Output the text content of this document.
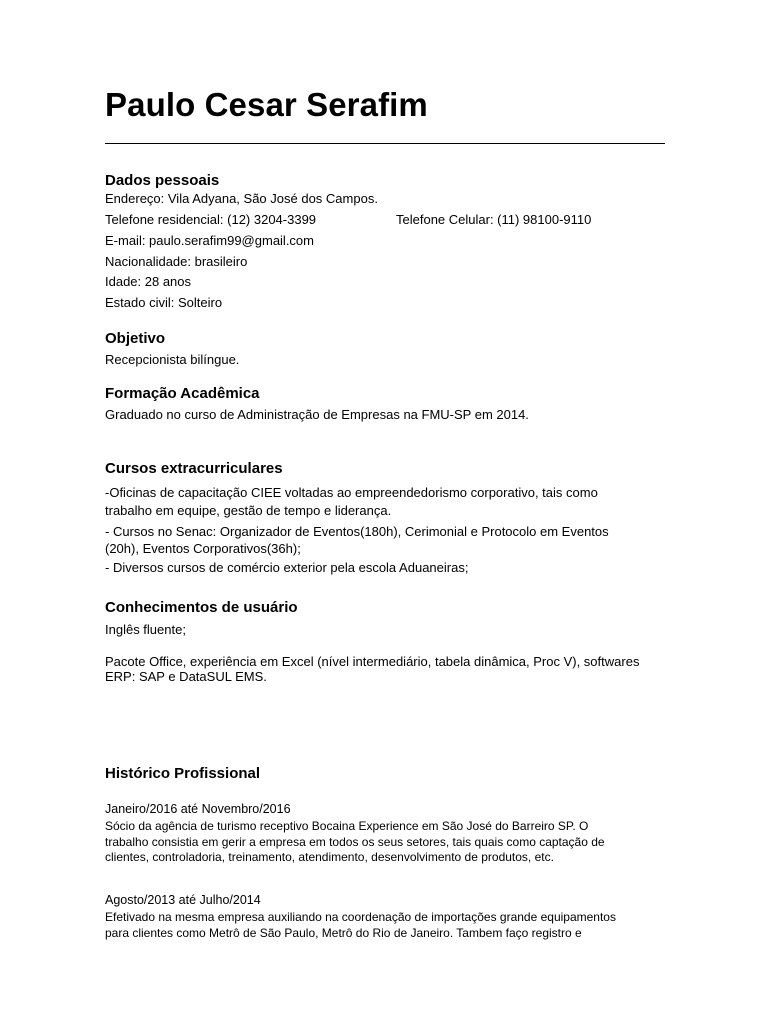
Paulo Cesar Serafim
Dados pessoais
Endereço: Vila Adyana, São José dos Campos.
Telefone residencial: (12) 3204-3399	Telefone Celular: (11) 98100-9110
E-mail: paulo.serafim99@gmail.com
Nacionalidade: brasileiro
Idade: 28 anos
Estado civil: Solteiro
Objetivo
Recepcionista bilíngue.
Formação Acadêmica
Graduado no curso de Administração de Empresas na FMU-SP em 2014.
Cursos extracurriculares
-Oficinas de capacitação CIEE voltadas ao empreendedorismo corporativo, tais como
trabalho em equipe, gestão de tempo e liderança.
- Cursos no Senac: Organizador de Eventos(180h), Cerimonial e Protocolo em Eventos
(20h), Eventos Corporativos(36h);
- Diversos cursos de comércio exterior pela escola Aduaneiras;
Conhecimentos de usuário
Inglês fluente;
Pacote Office, experiência em Excel (nível intermediário, tabela dinâmica, Proc V), softwares
ERP: SAP e DataSUL EMS.
Histórico Profissional
Janeiro/2016 até Novembro/2016
Sócio da agência de turismo receptivo Bocaina Experience em São José do Barreiro SP. O
trabalho consistia em gerir a empresa em todos os seus setores, tais quais como captação de
clientes, controladoria, treinamento, atendimento, desenvolvimento de produtos, etc.
Agosto/2013 até Julho/2014
Efetivado na mesma empresa auxiliando na coordenação de importações grande equipamentos
para clientes como Metrô de São Paulo, Metrô do Rio de Janeiro. Tambem faço registro e
